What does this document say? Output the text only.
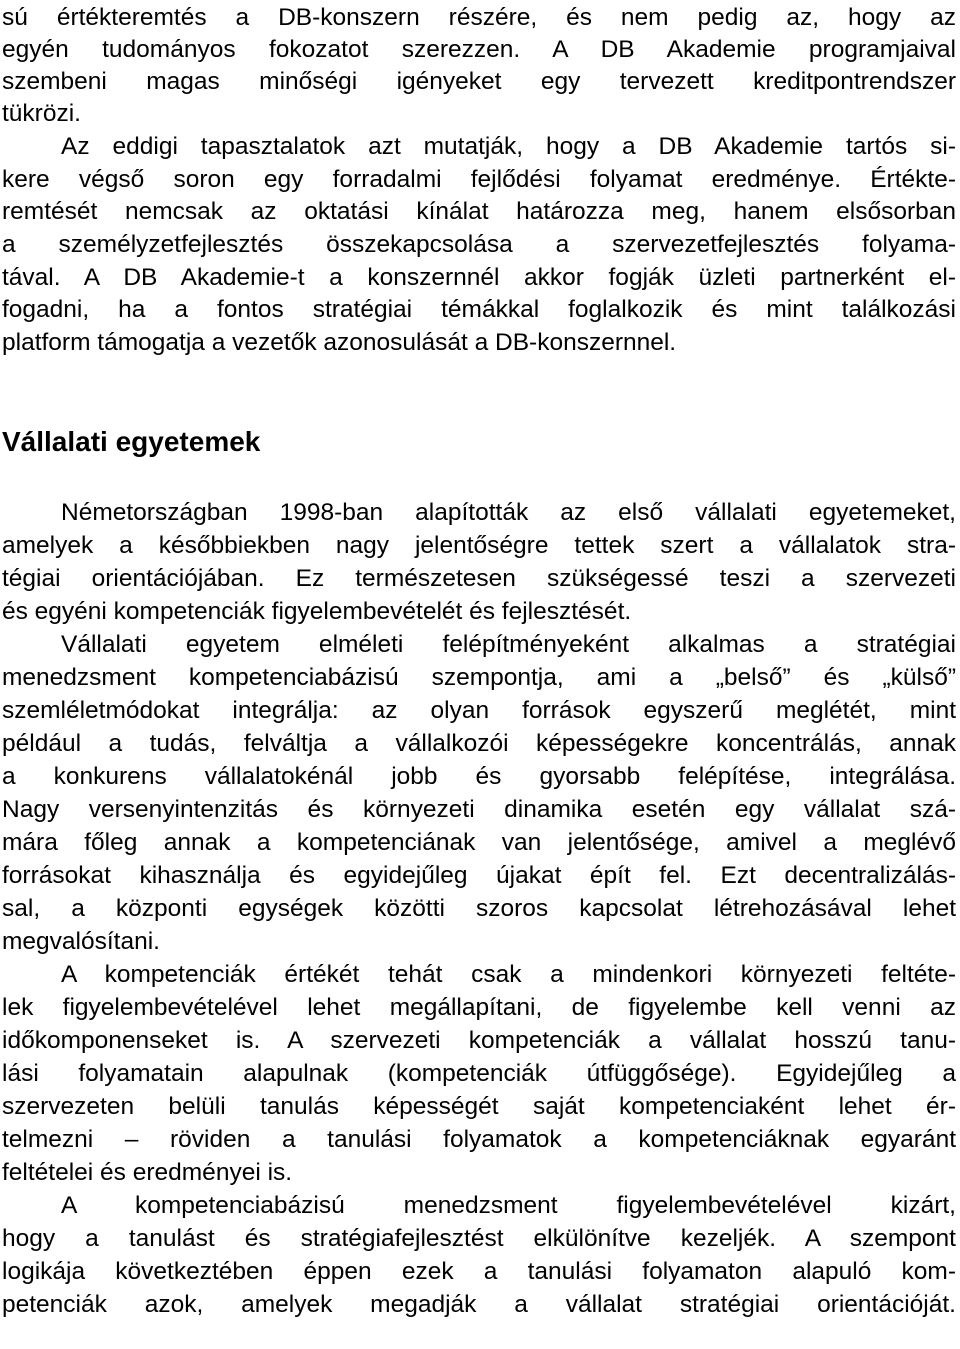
sú értékteremtés a DB-konszern részére, és nem pedig az, hogy az
egyén tudományos fokozatot szerezzen. A DB Akademie programjaival
szembeni magas minőségi igényeket egy tervezett kreditpontrendszer
tükrözi.
Az eddigi tapasztalatok azt mutatják, hogy a DB Akademie tartós si-
kere végső soron egy forradalmi fejlődési folyamat eredménye. Értékte-
remtését nemcsak az oktatási kínálat határozza meg, hanem elsősorban
a személyzetfejlesztés összekapcsolása a szervezetfejlesztés folyama-
tával. A DB Akademie-t a konszernnél akkor fogják üzleti partnerként el-
fogadni, ha a fontos stratégiai témákkal foglalkozik és mint találkozási
platform támogatja a vezetők azonosulását a DB-konszernnel.
Vállalati egyetemek
Németországban 1998-ban alapították az első vállalati egyetemeket,
amelyek a későbbiekben nagy jelentőségre tettek szert a vállalatok stra-
tégiai orientációjában. Ez természetesen szükségessé teszi a szervezeti
és egyéni kompetenciák figyelembevételét és fejlesztését.
Vállalati egyetem elméleti felépítményeként alkalmas a stratégiai
menedzsment kompetenciabázisú szempontja, ami a „belső” és „külső”
szemléletmódokat integrálja: az olyan források egyszerű meglétét, mint
például a tudás, felváltja a vállalkozói képességekre koncentrálás, annak
a konkurens vállalatokénál jobb és gyorsabb felépítése, integrálása.
Nagy versenyintenzitás és környezeti dinamika esetén egy vállalat szá-
mára főleg annak a kompetenciának van jelentősége, amivel a meglévő
forrásokat kihasználja és egyidejűleg újakat épít fel. Ezt decentralizálás-
sal, a központi egységek közötti szoros kapcsolat létrehozásával lehet
megvalósítani.
A kompetenciák értékét tehát csak a mindenkori környezeti feltéte-
lek figyelembevételével lehet megállapítani, de figyelembe kell venni az
időkomponenseket is. A szervezeti kompetenciák a vállalat hosszú tanu-
lási folyamatain alapulnak (kompetenciák útfüggősége). Egyidejűleg a
szervezeten belüli tanulás képességét saját kompetenciaként lehet ér-
telmezni – röviden a tanulási folyamatok a kompetenciáknak egyaránt
feltételei és eredményei is.
A kompetenciabázisú menedzsment figyelembevételével kizárt,
hogy a tanulást és stratégiafejlesztést elkülönítve kezeljék. A szempont
logikája következtében éppen ezek a tanulási folyamaton alapuló kom-
petenciák azok, amelyek megadják a vállalat stratégiai orientációját.
